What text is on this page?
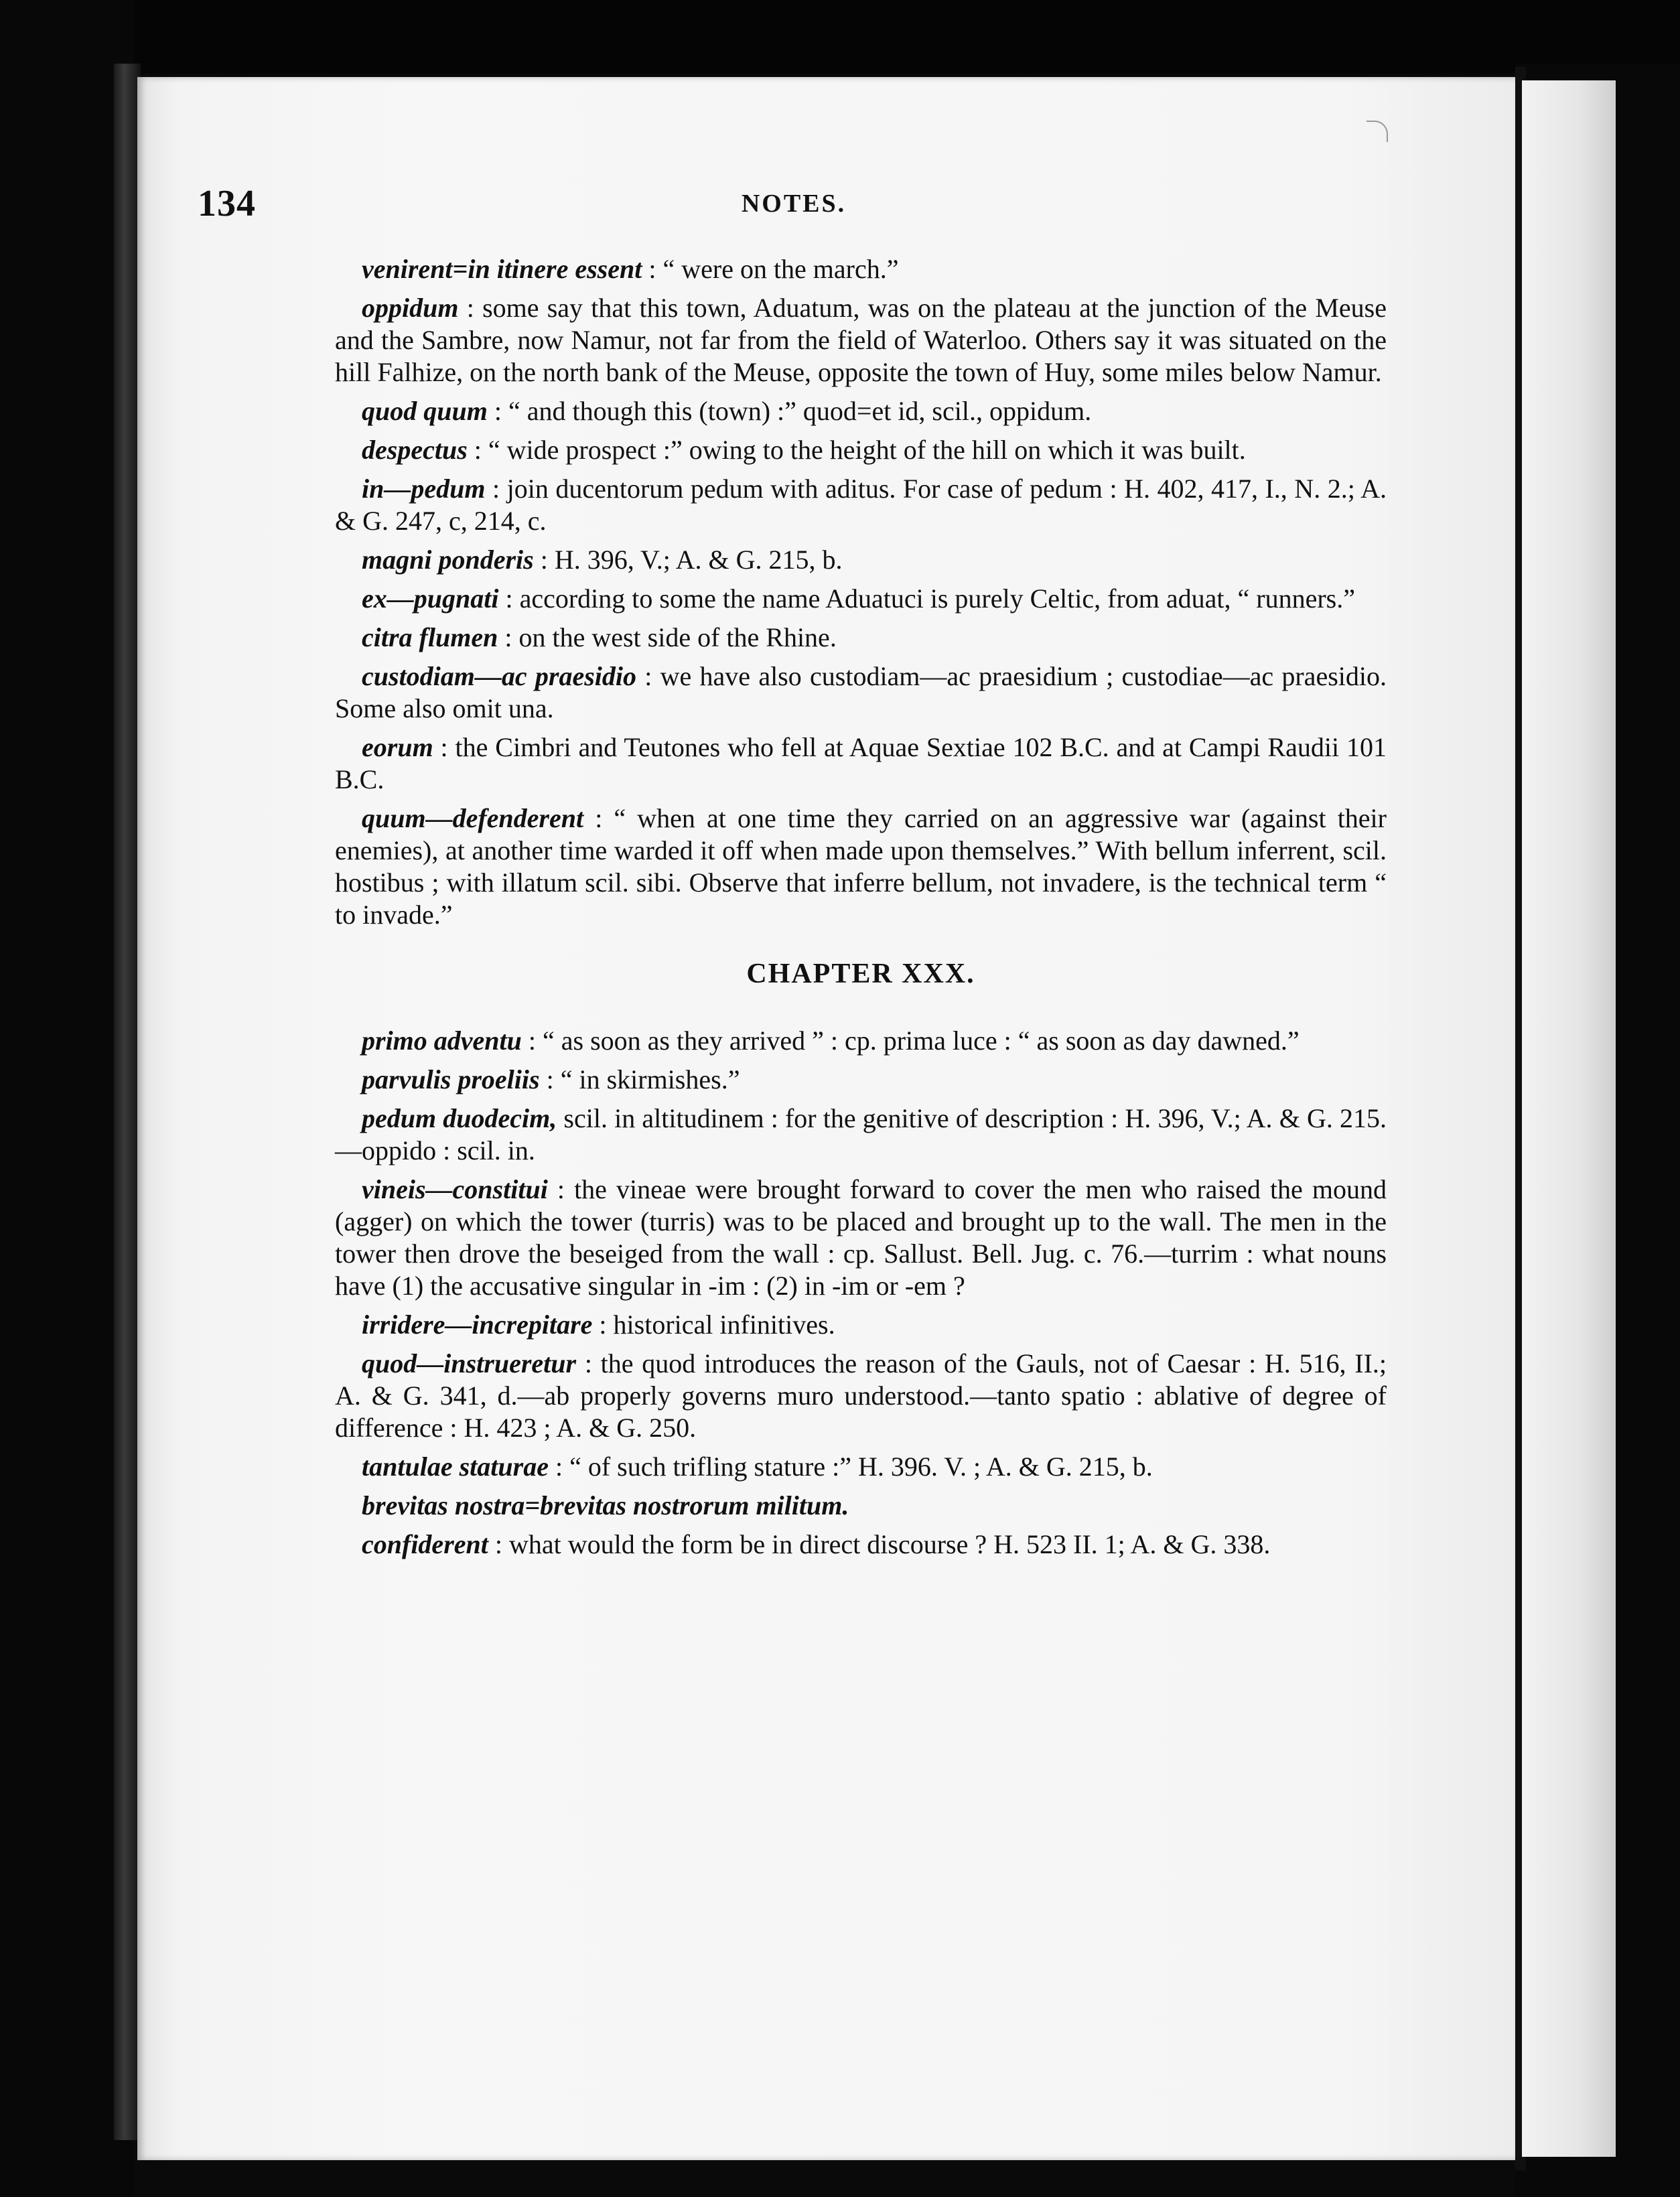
134	NOTES.

venirent=in itinere essent : “ were on the march.”

oppidum : some say that this town, Aduatum, was on the plateau at the junction of the Meuse and the Sambre, now Namur, not far from the field of Waterloo. Others say it was situated on the hill Falhize, on the north bank of the Meuse, opposite the town of Huy, some miles below Namur.

quod quum : “ and though this (town) :” quod=et id, scil., oppidum.

despectus : “ wide prospect :” owing to the height of the hill on which it was built.

in—pedum : join ducentorum pedum with aditus. For case of pedum : H. 402, 417, I., N. 2.; A. & G. 247, c, 214, c.

magni ponderis : H. 396, V.; A. & G. 215, b.

ex—pugnati : according to some the name Aduatuci is purely Celtic, from aduat, “ runners.”

citra flumen : on the west side of the Rhine.

custodiam—ac praesidio : we have also custodiam—ac praesidium ; custodiae—ac praesidio. Some also omit una.

eorum : the Cimbri and Teutones who fell at Aquae Sextiae 102 B.C. and at Campi Raudii 101 B.C.

quum—defenderent : “ when at one time they carried on an aggressive war (against their enemies), at another time warded it off when made upon themselves.” With bellum inferrent, scil. hostibus ; with illatum scil. sibi. Observe that inferre bellum, not invadere, is the technical term “ to invade.”

CHAPTER XXX.

primo adventu : “ as soon as they arrived ” : cp. prima luce : “ as soon as day dawned.”

parvulis proeliis : “ in skirmishes.”

pedum duodecim, scil. in altitudinem : for the genitive of description : H. 396, V.; A. & G. 215.—oppido : scil. in.

vineis—constitui : the vineae were brought forward to cover the men who raised the mound (agger) on which the tower (turris) was to be placed and brought up to the wall. The men in the tower then drove the beseiged from the wall : cp. Sallust. Bell. Jug. c. 76.—turrim : what nouns have (1) the accusative singular in -im : (2) in -im or -em ?

irridere—increpitare : historical infinitives.

quod—instrueretur : the quod introduces the reason of the Gauls, not of Caesar : H. 516, II.; A. & G. 341, d.—ab properly governs muro understood.—tanto spatio : ablative of degree of difference : H. 423 ; A. & G. 250.

tantulae staturae : “ of such trifling stature :” H. 396. V. ; A. & G. 215, b.

brevitas nostra=brevitas nostrorum militum.

confiderent : what would the form be in direct discourse ? H. 523 II. 1; A. & G. 338.
